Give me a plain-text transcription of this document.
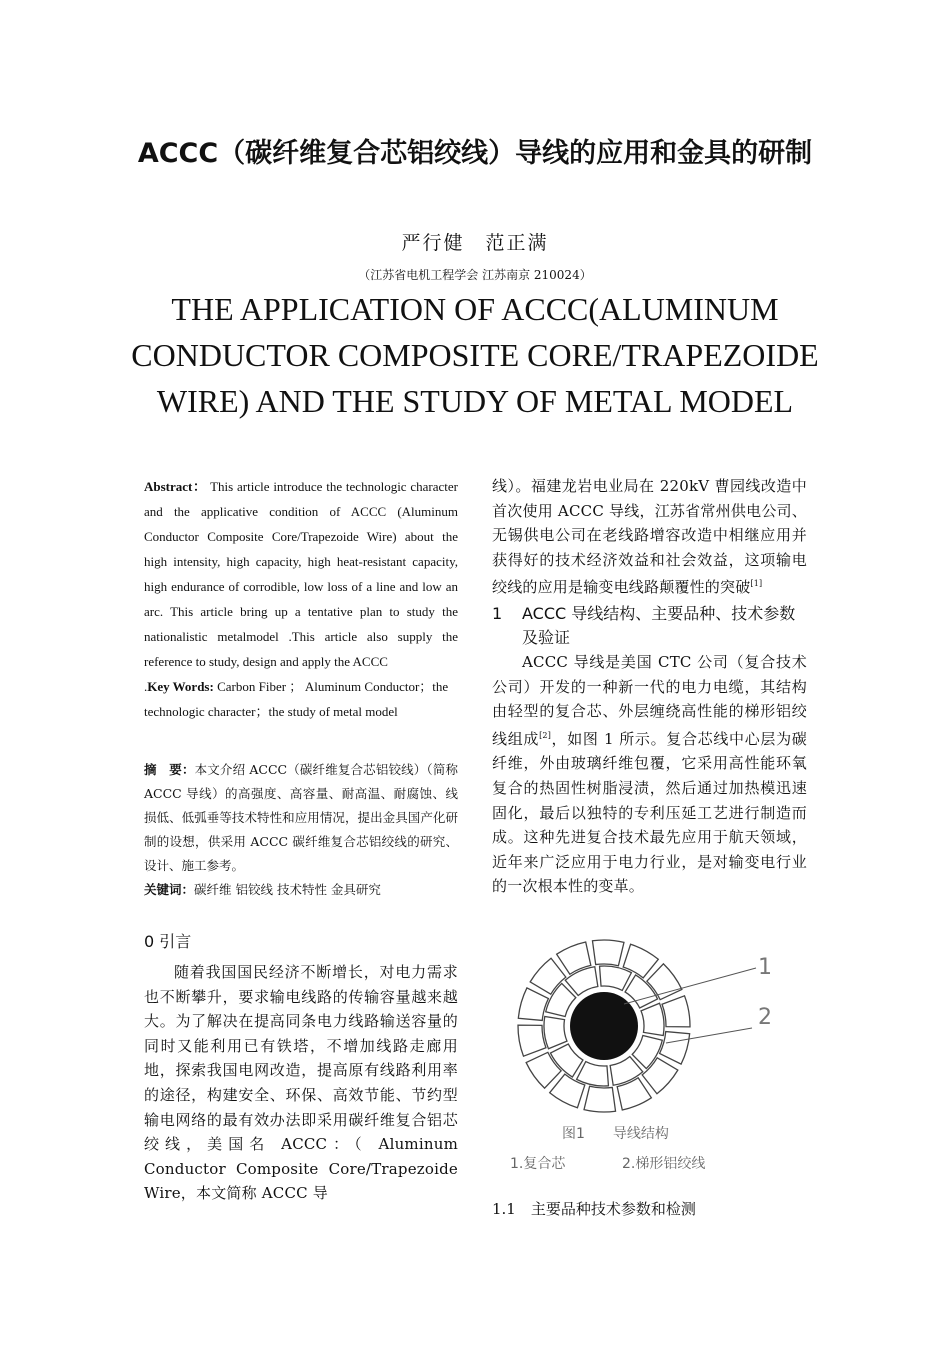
ACCC（碳纤维复合芯铝绞线）导线的应用和金具的研制
严行健　范正满
（江苏省电机工程学会 江苏南京 210024）
THE APPLICATION OF ACCC(ALUMINUM CONDUCTOR COMPOSITE CORE/TRAPEZOIDE WIRE) AND THE STUDY OF METAL MODEL

Abstract： This article introduce the technologic character and the applicative condition of ACCC (Aluminum Conductor Composite Core/Trapezoide Wire) about the high intensity, high capacity, high heat-resistant capacity, high endurance of corrodible, low loss of a line and low an arc. This article bring up a tentative plan to study the nationalistic metalmodel .This article also supply the reference to study, design and apply the ACCC

.Key Words: Carbon Fiber ； Aluminum Conductor；the technologic character；the study of metal model

摘　要：本文介绍 ACCC（碳纤维复合芯铝铰线）（简称 ACCC 导线）的高强度、高容量、耐高温、耐腐蚀、线损低、低弧垂等技术特性和应用情况，提出金具国产化研制的设想，供采用 ACCC 碳纤维复合芯铝绞线的研究、设计、施工参考。

关键词：碳纤维 铝铰线 技术特性 金具研究

0 引言

随着我国国民经济不断增长，对电力需求也不断攀升，要求输电线路的传输容量越来越大。为了解决在提高同条电力线路输送容量的同时又能利用已有铁塔，不增加线路走廊用地，探索我国电网改造，提高原有线路利用率的途径，构建安全、环保、高效节能、节约型输电网络的最有效办法即采用碳纤维复合铝芯绞线，美国名 ACCC：（ Aluminum Conductor Composite Core/Trapezoide Wire，本文简称 ACCC 导

线）。福建龙岩电业局在 220kV 曹园线改造中首次使用 ACCC 导线，江苏省常州供电公司、无锡供电公司在老线路增容改造中相继应用并获得好的技术经济效益和社会效益，这项输电绞线的应用是输变电线路颠覆性的突破[1]

1 ACCC 导线结构、主要品种、技术参数及验证

ACCC 导线是美国 CTC 公司（复合技术公司）开发的一种新一代的电力电缆，其结构由轻型的复合芯、外层缠绕高性能的梯形铝绞线组成[2]，如图 1 所示。复合芯线中心层为碳纤维，外由玻璃纤维包覆，它采用高性能环氧复合的热固性树脂浸渍，然后通过加热模迅速固化，最后以独特的专利压延工艺进行制造而成。这种先进复合技术最先应用于航天领域，近年来广泛应用于电力行业，是对输变电行业的一次根本性的变革。

1
2
图1　　导线结构
1.复合芯	2.梯形铝绞线
1.1　主要品种技术参数和检测
